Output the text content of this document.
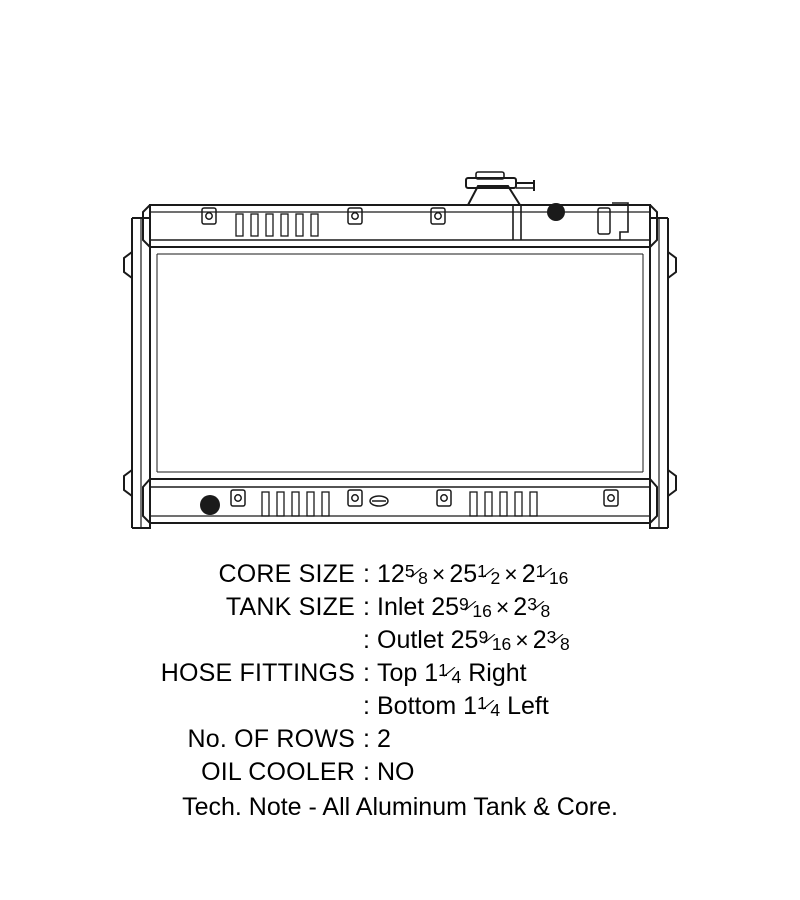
CORE SIZE : 125⁄8 × 251⁄2 × 21⁄16
TANK SIZE : Inlet 259⁄16 × 23⁄8
: Outlet 259⁄16 × 23⁄8
HOSE FITTINGS : Top 11⁄4 Right
: Bottom 11⁄4 Left
No. OF ROWS : 2
OIL COOLER : NO
Tech. Note - All Aluminum Tank & Core.
